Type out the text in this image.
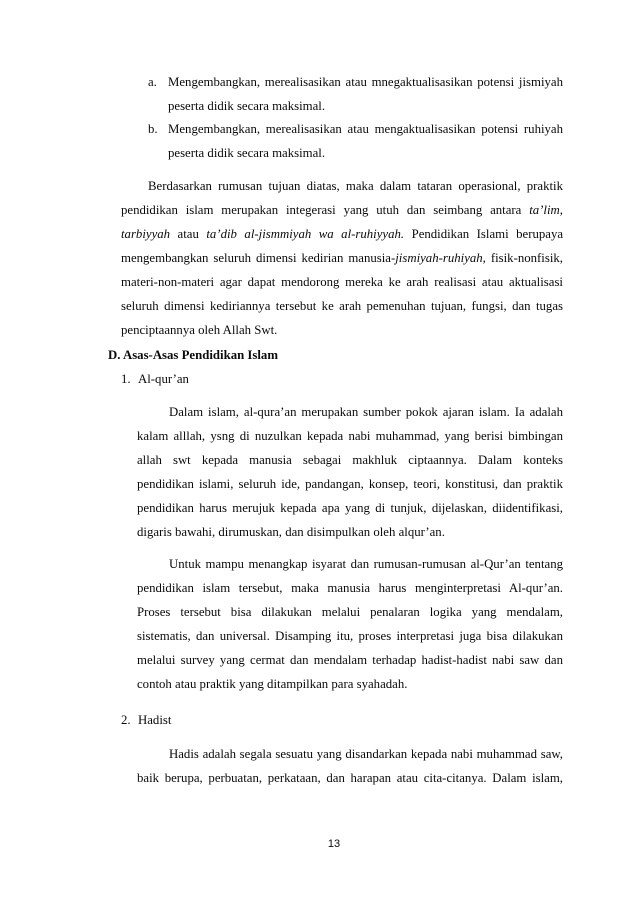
a. Mengembangkan, merealisasikan atau mnegaktualisasikan potensi jismiyah
peserta didik secara maksimal.
b. Mengembangkan, merealisasikan atau mengaktualisasikan potensi ruhiyah
peserta didik secara maksimal.
Berdasarkan rumusan tujuan diatas, maka dalam tataran operasional, praktik
pendidikan islam merupakan integerasi yang utuh dan seimbang antara ta’lim,
tarbiyyah atau ta’dib al-jismmiyah wa al-ruhiyyah. Pendidikan Islami berupaya
mengembangkan seluruh dimensi kedirian manusia-jismiyah-ruhiyah, fisik-nonfisik,
materi-non-materi agar dapat mendorong mereka ke arah realisasi atau aktualisasi
seluruh dimensi kediriannya tersebut ke arah pemenuhan tujuan, fungsi, dan tugas
penciptaannya oleh Allah Swt.
D. Asas-Asas Pendidikan Islam
1. Al-qur’an
Dalam islam, al-qura’an merupakan sumber pokok ajaran islam. Ia adalah
kalam alllah, ysng di nuzulkan kepada nabi muhammad, yang berisi bimbingan
allah swt kepada manusia sebagai makhluk ciptaannya. Dalam konteks
pendidikan islami, seluruh ide, pandangan, konsep, teori, konstitusi, dan praktik
pendidikan harus merujuk kepada apa yang di tunjuk, dijelaskan, diidentifikasi,
digaris bawahi, dirumuskan, dan disimpulkan oleh alqur’an.
Untuk mampu menangkap isyarat dan rumusan-rumusan al-Qur’an tentang
pendidikan islam tersebut, maka manusia harus menginterpretasi Al-qur’an.
Proses tersebut bisa dilakukan melalui penalaran logika yang mendalam,
sistematis, dan universal. Disamping itu, proses interpretasi juga bisa dilakukan
melalui survey yang cermat dan mendalam terhadap hadist-hadist nabi saw dan
contoh atau praktik yang ditampilkan para syahadah.
2. Hadist
Hadis adalah segala sesuatu yang disandarkan kepada nabi muhammad saw,
baik berupa, perbuatan, perkataan, dan harapan atau cita-citanya. Dalam islam,
13
